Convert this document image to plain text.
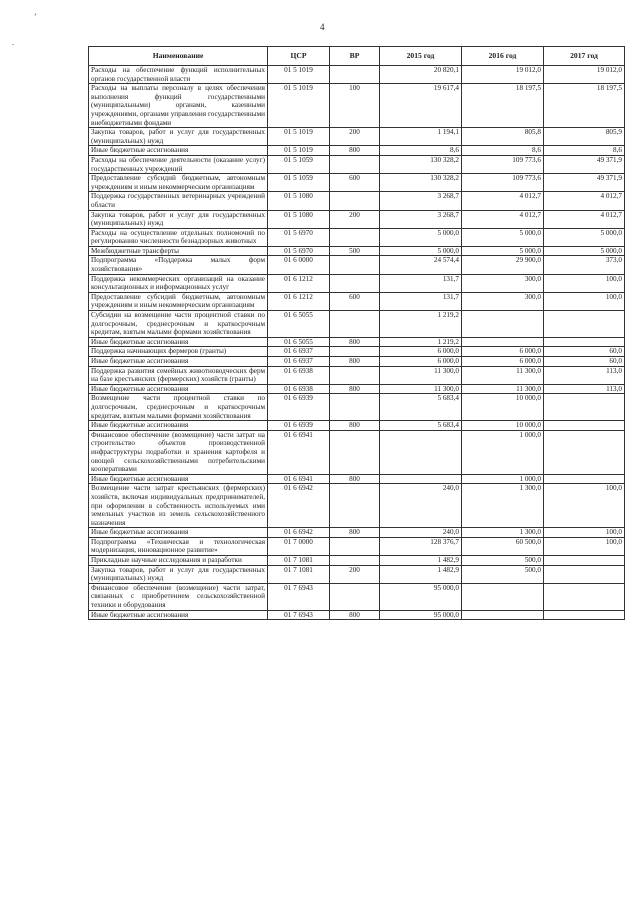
ʼ
.
4
Наименование	ЦСР	ВР	2015 год	2016 год	2017 год
Расходы на обеспечение функций исполнительных органов государственной власти	01 5 1019		20 820,1	19 012,0	19 012,0
Расходы на выплаты персоналу в целях обеспечения выполнения функций государственными (муниципальными) органами, казенными учреждениями, органами управления государственными внебюджетными фондами	01 5 1019	100	19 617,4	18 197,5	18 197,5
Закупка товаров, работ и услуг для государственных (муниципальных) нужд	01 5 1019	200	1 194,1	805,8	805,9
Иные бюджетные ассигнования	01 5 1019	800	8,6	8,6	8,6
Расходы на обеспечение деятельности (оказание услуг) государственных учреждений	01 5 1059		130 328,2	109 773,6	49 371,9
Предоставление субсидий бюджетным, автономным учреждениям и иным некоммерческим организациям	01 5 1059	600	130 328,2	109 773,6	49 371,9
Поддержка государственных ветеринарных учреждений области	01 5 1080		3 268,7	4 012,7	4 012,7
Закупка товаров, работ и услуг для государственных (муниципальных) нужд	01 5 1080	200	3 268,7	4 012,7	4 012,7
Расходы на осуществление отдельных полномочий по регулированию численности безнадзорных животных	01 5 6970		5 000,0	5 000,0	5 000,0
Межбюджетные трансферты	01 5 6970	500	5 000,0	5 000,0	5 000,0
Подпрограмма «Поддержка малых форм хозяйствования»	01 6 0000		24 574,4	29 900,0	373,0
Поддержка некоммерческих организаций на оказание консультационных и информационных услуг	01 6 1212		131,7	300,0	100,0
Предоставление субсидий бюджетным, автономным учреждениям и иным некоммерческим организациям	01 6 1212	600	131,7	300,0	100,0
Субсидии на возмещение части процентной ставки по долгосрочным, среднесрочным и краткосрочным кредитам, взятым малыми формами хозяйствования	01 6 5055		1 219,2		
Иные бюджетные ассигнования	01 6 5055	800	1 219,2		
Поддержка начинающих фермеров (гранты)	01 6 6937		6 000,0	6 000,0	60,0
Иные бюджетные ассигнования	01 6 6937	800	6 000,0	6 000,0	60,0
Поддержка развития семейных животноводческих ферм на базе крестьянских (фермерских) хозяйств (гранты)	01 6 6938		11 300,0	11 300,0	113,0
Иные бюджетные ассигнования	01 6 6938	800	11 300,0	11 300,0	113,0
Возмещение части процентной ставки по долгосрочным, среднесрочным и краткосрочным кредитам, взятым малыми формами хозяйствования	01 6 6939		5 683,4	10 000,0	
Иные бюджетные ассигнования	01 6 6939	800	5 683,4	10 000,0	
Финансовое обеспечение (возмещение) части затрат на строительство объектов производственной инфраструктуры подработки и хранения картофеля и овощей сельскохозяйственными потребительскими кооперативами	01 6 6941			1 000,0	
Иные бюджетные ассигнования	01 6 6941	800		1 000,0	
Возмещение части затрат крестьянских (фермерских) хозяйств, включая индивидуальных предпринимателей, при оформлении в собственность используемых ими земельных участков из земель сельскохозяйственного назначения	01 6 6942		240,0	1 300,0	100,0
Иные бюджетные ассигнования	01 6 6942	800	240,0	1 300,0	100,0
Подпрограмма «Техническая и технологическая модернизация, инновационное развитие»	01 7 0000		128 376,7	60 500,0	100,0
Прикладные научные исследования и разработки	01 7 1081		1 482,9	500,0	
Закупка товаров, работ и услуг для государственных (муниципальных) нужд	01 7 1081	200	1 482,9	500,0	
Финансовое обеспечение (возмещение) части затрат, связанных с приобретением сельскохозяйственной техники и оборудования	01 7 6943		95 000,0		
Иные бюджетные ассигнования	01 7 6943	800	95 000,0		
